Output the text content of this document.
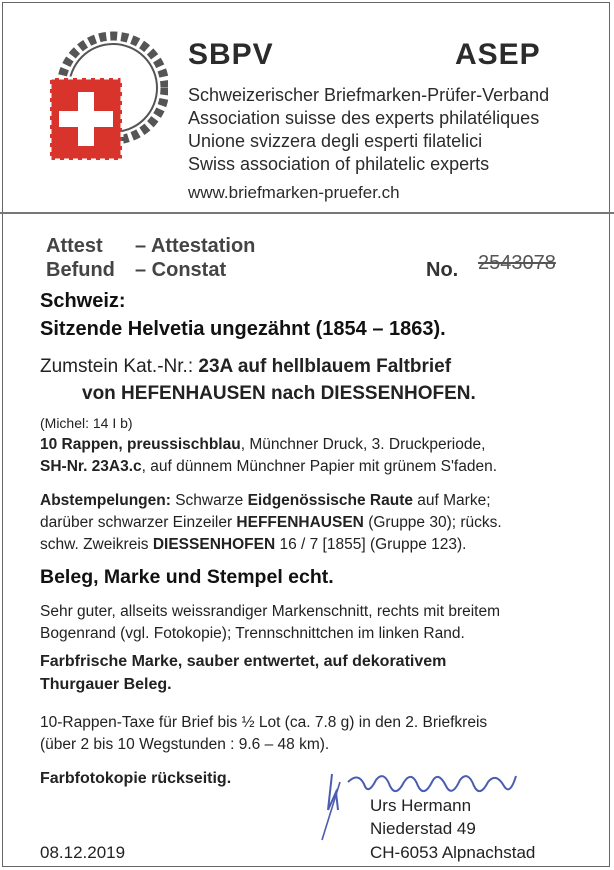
SBPV	ASEP
Schweizerischer Briefmarken-Prüfer-Verband
Association suisse des experts philatéliques
Unione svizzera degli esperti filatelici
Swiss association of philatelic experts
www.briefmarken-pruefer.ch
Attest – Attestation
Befund – Constat	No. 2543078
Schweiz:
Sitzende Helvetia ungezähnt (1854 – 1863).
Zumstein Kat.-Nr.: 23A auf hellblauem Faltbrief
von HEFENHAUSEN nach DIESSENHOFEN.
(Michel: 14 I b)
10 Rappen, preussischblau, Münchner Druck, 3. Druckperiode,
SH-Nr. 23A3.c, auf dünnem Münchner Papier mit grünem S'faden.
Abstempelungen: Schwarze Eidgenössische Raute auf Marke;
darüber schwarzer Einzeiler HEFFENHAUSEN (Gruppe 30); rücks.
schw. Zweikreis DIESSENHOFEN 16 / 7 [1855] (Gruppe 123).
Beleg, Marke und Stempel echt.
Sehr guter, allseits weissrandiger Markenschnitt, rechts mit breitem
Bogenrand (vgl. Fotokopie); Trennschnittchen im linken Rand.
Farbfrische Marke, sauber entwertet, auf dekorativem
Thurgauer Beleg.
10-Rappen-Taxe für Brief bis ½ Lot (ca. 7.8 g) in den 2. Briefkreis
(über 2 bis 10 Wegstunden : 9.6 – 48 km).
Farbfotokopie rückseitig.
08.12.2019
Urs Hermann
Niederstad 49
CH-6053 Alpnachstad
